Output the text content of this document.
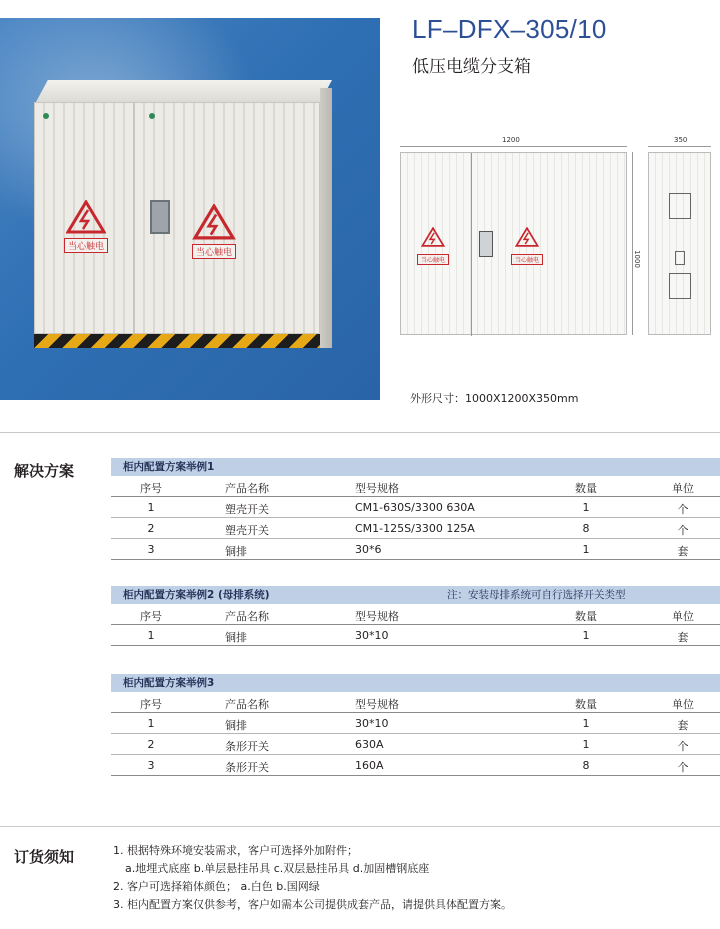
当心触电
当心触电
LF–DFX–305/10
低压电缆分支箱
1200
当心触电	当心触电	1000
350
外形尺寸：1000X1200X350mm
解决方案	柜内配置方案举例1
序号	产品名称	型号规格	数量	单位
1	塑壳开关	CM1-630S/3300 630A	1	个
2	塑壳开关	CM1-125S/3300 125A	8	个
3	铜排	30*6	1	套
柜内配置方案举例2 (母排系统)	注：安装母排系统可自行选择开关类型
序号	产品名称	型号规格	数量	单位
1	铜排	30*10	1	套
柜内配置方案举例3
序号	产品名称	型号规格	数量	单位
1	铜排	30*10	1	套
2	条形开关	630A	1	个
3	条形开关	160A	8	个
订货须知	1. 根据特殊环境安装需求，客户可选择外加附件；
a.地埋式底座 b.单层悬挂吊具 c.双层悬挂吊具 d.加固槽钢底座
2. 客户可选择箱体颜色； a.白色 b.国网绿
3. 柜内配置方案仅供参考，客户如需本公司提供成套产品，请提供具体配置方案。
